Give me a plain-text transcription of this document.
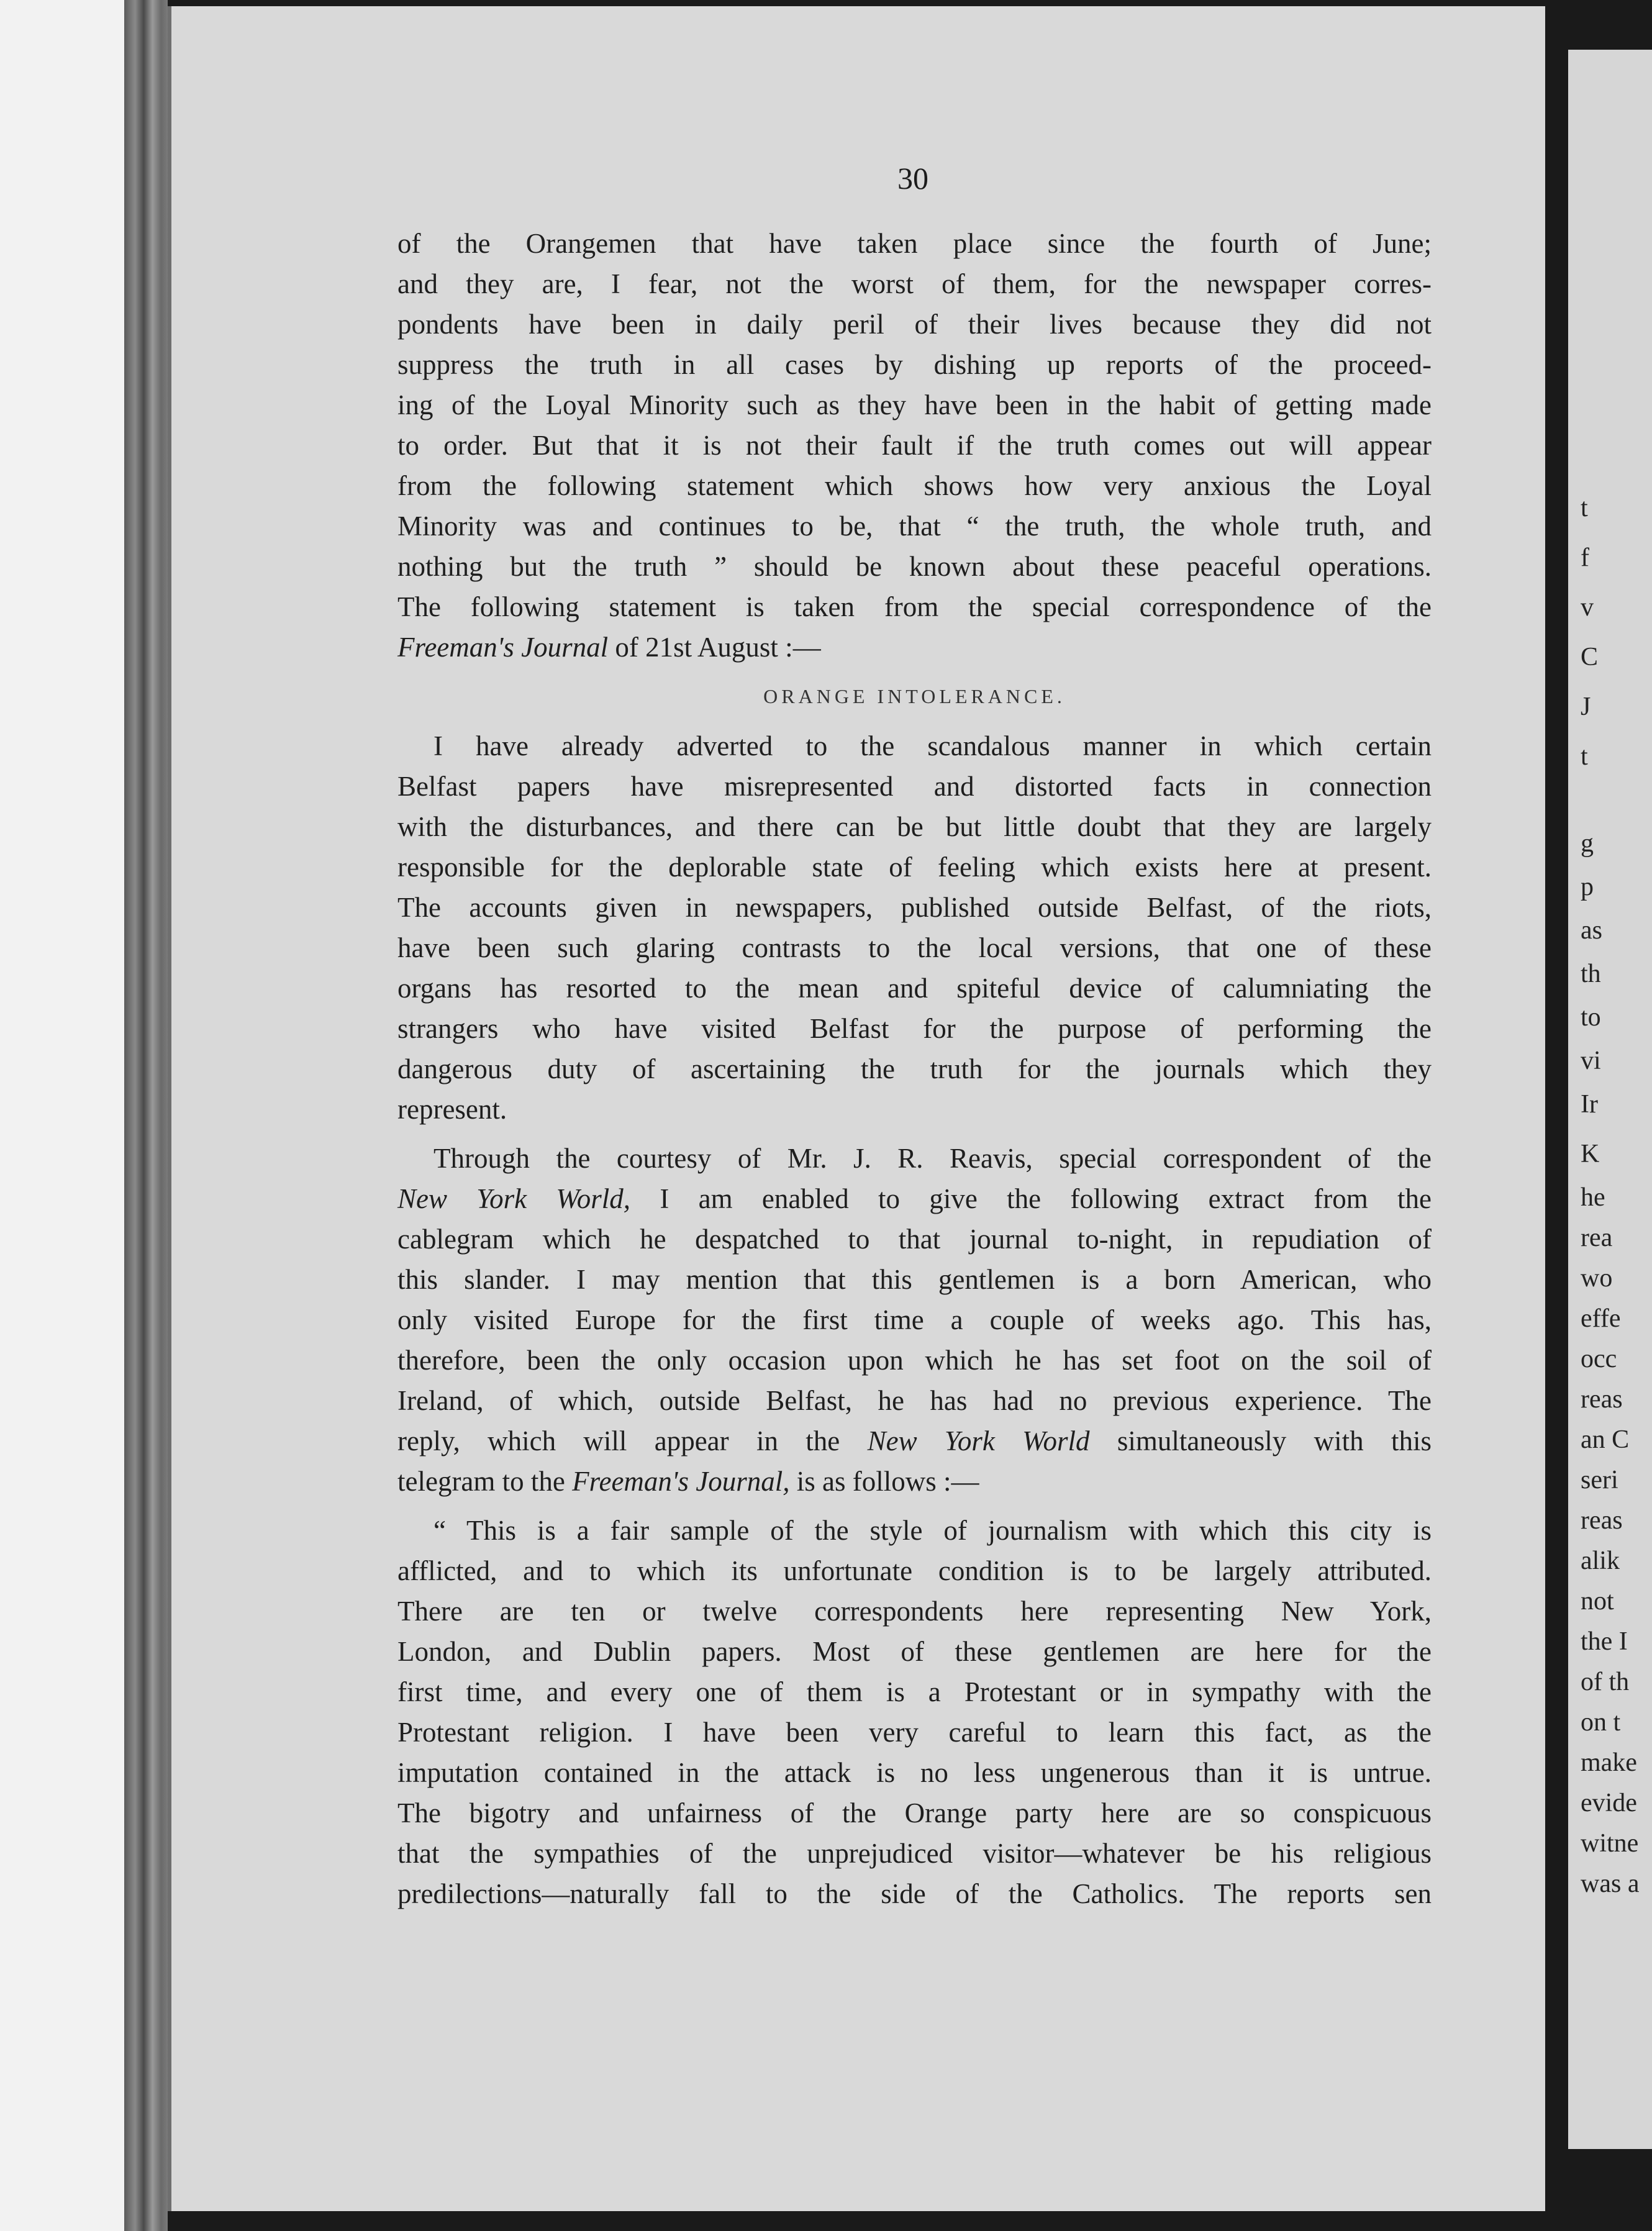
30

of the Orangemen that have taken place since the fourth of June;

and they are, I fear, not the worst of them, for the newspaper corres-

pondents have been in daily peril of their lives because they did not

suppress the truth in all cases by dishing up reports of the proceed-

ing of the Loyal Minority such as they have been in the habit of getting made

to order. But that it is not their fault if the truth comes out will appear

from the following statement which shows how very anxious the Loyal

Minority was and continues to be, that “ the truth, the whole truth, and

nothing but the truth ” should be known about these peaceful operations.

The following statement is taken from the special correspondence of the

Freeman's Journal of 21st August :—

ORANGE INTOLERANCE.

I have already adverted to the scandalous manner in which certain

Belfast papers have misrepresented and distorted facts in connection

with the disturbances, and there can be but little doubt that they are largely

responsible for the deplorable state of feeling which exists here at present.

The accounts given in newspapers, published outside Belfast, of the riots,

have been such glaring contrasts to the local versions, that one of these

organs has resorted to the mean and spiteful device of calumniating the

strangers who have visited Belfast for the purpose of performing the

dangerous duty of ascertaining the truth for the journals which they

represent.

Through the courtesy of Mr. J. R. Reavis, special correspondent of the

New York World, I am enabled to give the following extract from the

cablegram which he despatched to that journal to-night, in repudiation of

this slander. I may mention that this gentlemen is a born American, who

only visited Europe for the first time a couple of weeks ago. This has,

therefore, been the only occasion upon which he has set foot on the soil of

Ireland, of which, outside Belfast, he has had no previous experience. The

reply, which will appear in the New York World simultaneously with this

telegram to the Freeman's Journal, is as follows :—

“ This is a fair sample of the style of journalism with which this city is

afflicted, and to which its unfortunate condition is to be largely attributed.

There are ten or twelve correspondents here representing New York,

London, and Dublin papers. Most of these gentlemen are here for the

first time, and every one of them is a Protestant or in sympathy with the

Protestant religion. I have been very careful to learn this fact, as the

imputation contained in the attack is no less ungenerous than it is untrue.

The bigotry and unfairness of the Orange party here are so conspicuous

that the sympathies of the unprejudiced visitor—whatever be his religious

predilections—naturally fall to the side of the Catholics. The reports sen

t
f
v
C
J
t
g
p
as
th
to
vi
Ir
K
he
rea
wo
effe
occ
reas
an C
seri
reas
alik
not
the I
of th
on t
make
evide
witne
was a
